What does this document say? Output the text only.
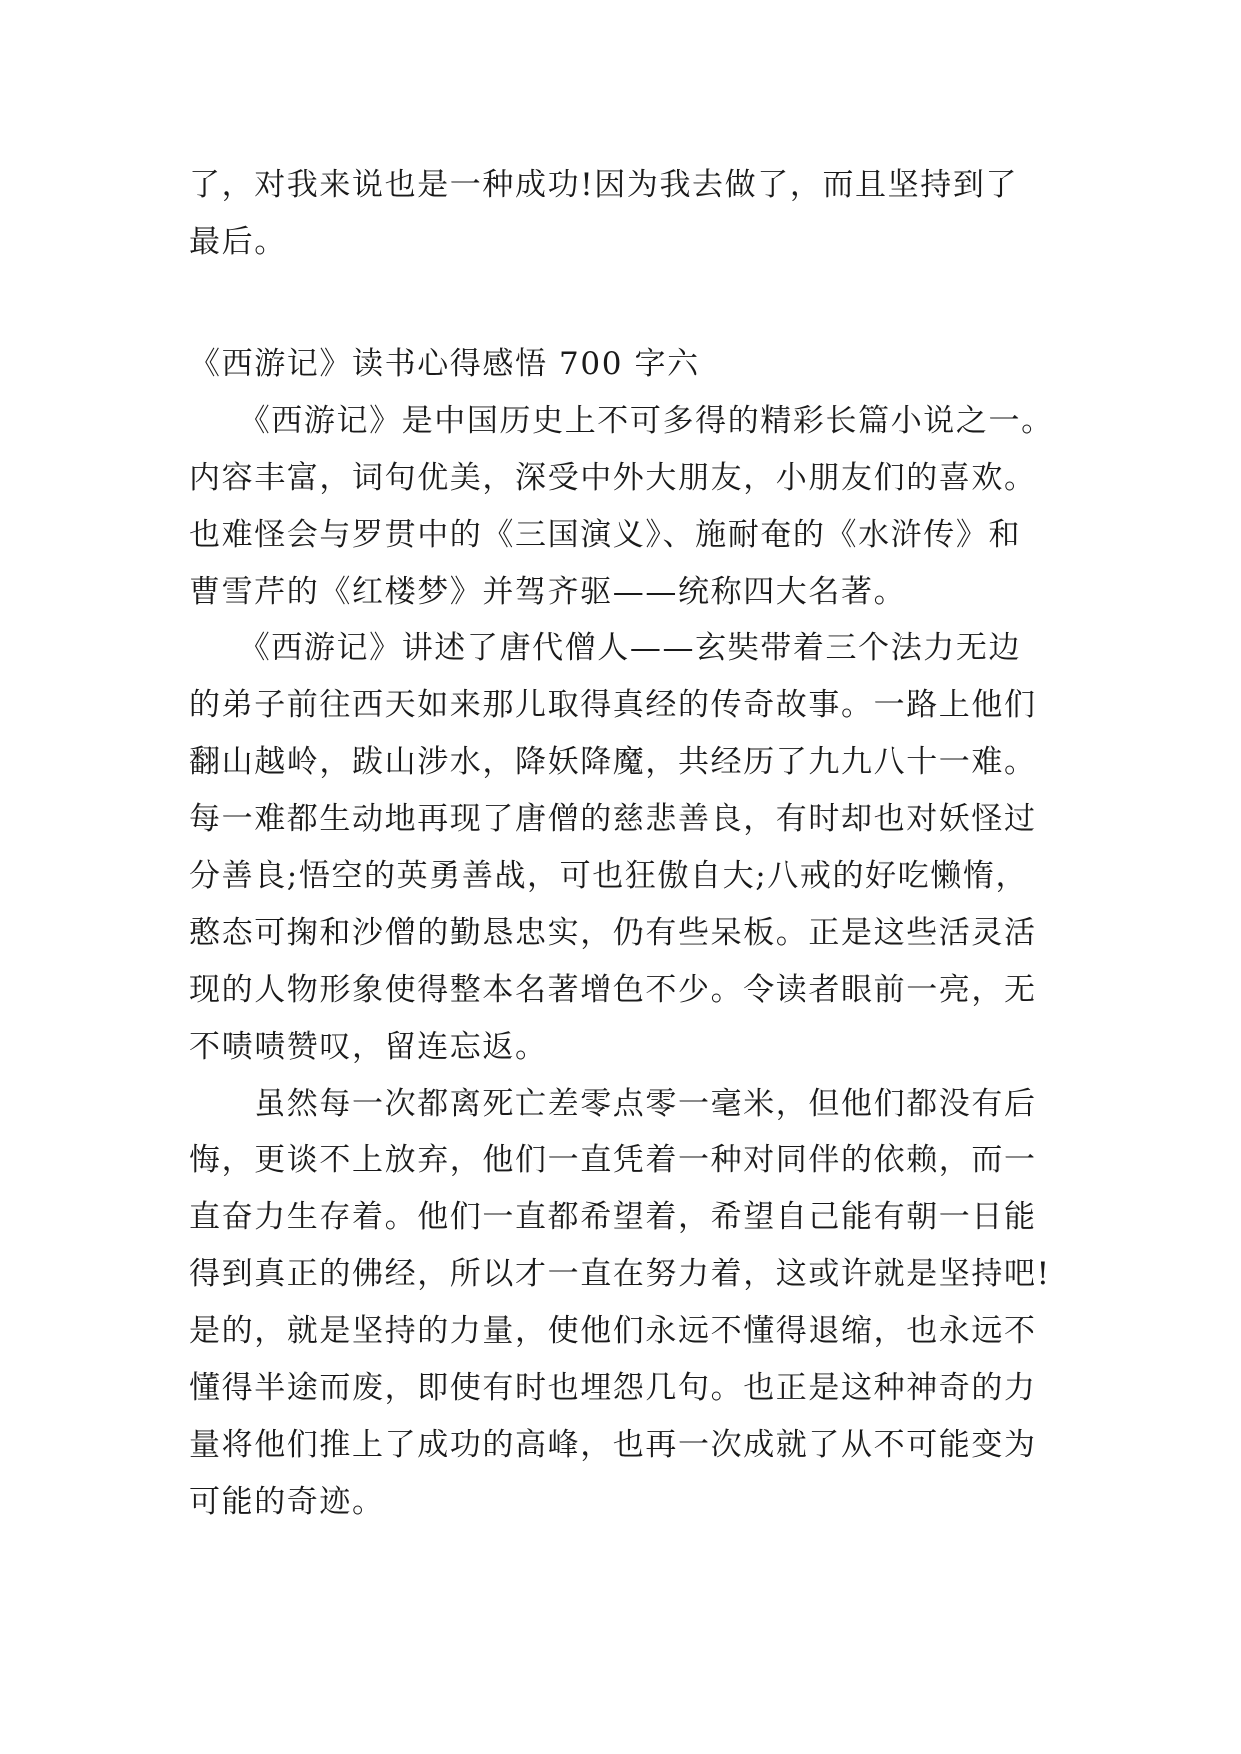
了，对我来说也是一种成功!因为我去做了，而且坚持到了
最后。
《西游记》读书心得感悟 700 字六
　　《西游记》是中国历史上不可多得的精彩长篇小说之一。
内容丰富，词句优美，深受中外大朋友，小朋友们的喜欢。
也难怪会与罗贯中的《三国演义》、施耐奄的《水浒传》和
曹雪芹的《红楼梦》并驾齐驱——统称四大名著。
　　《西游记》讲述了唐代僧人——玄奘带着三个法力无边
的弟子前往西天如来那儿取得真经的传奇故事。一路上他们
翻山越岭，跋山涉水，降妖降魔，共经历了九九八十一难。
每一难都生动地再现了唐僧的慈悲善良，有时却也对妖怪过
分善良;悟空的英勇善战，可也狂傲自大;八戒的好吃懒惰，
憨态可掬和沙僧的勤恳忠实，仍有些呆板。正是这些活灵活
现的人物形象使得整本名著增色不少。令读者眼前一亮，无
不啧啧赞叹，留连忘返。
　　虽然每一次都离死亡差零点零一毫米，但他们都没有后
悔，更谈不上放弃，他们一直凭着一种对同伴的依赖，而一
直奋力生存着。他们一直都希望着，希望自己能有朝一日能
得到真正的佛经，所以才一直在努力着，这或许就是坚持吧!
是的，就是坚持的力量，使他们永远不懂得退缩，也永远不
懂得半途而废，即使有时也埋怨几句。也正是这种神奇的力
量将他们推上了成功的高峰，也再一次成就了从不可能变为
可能的奇迹。
